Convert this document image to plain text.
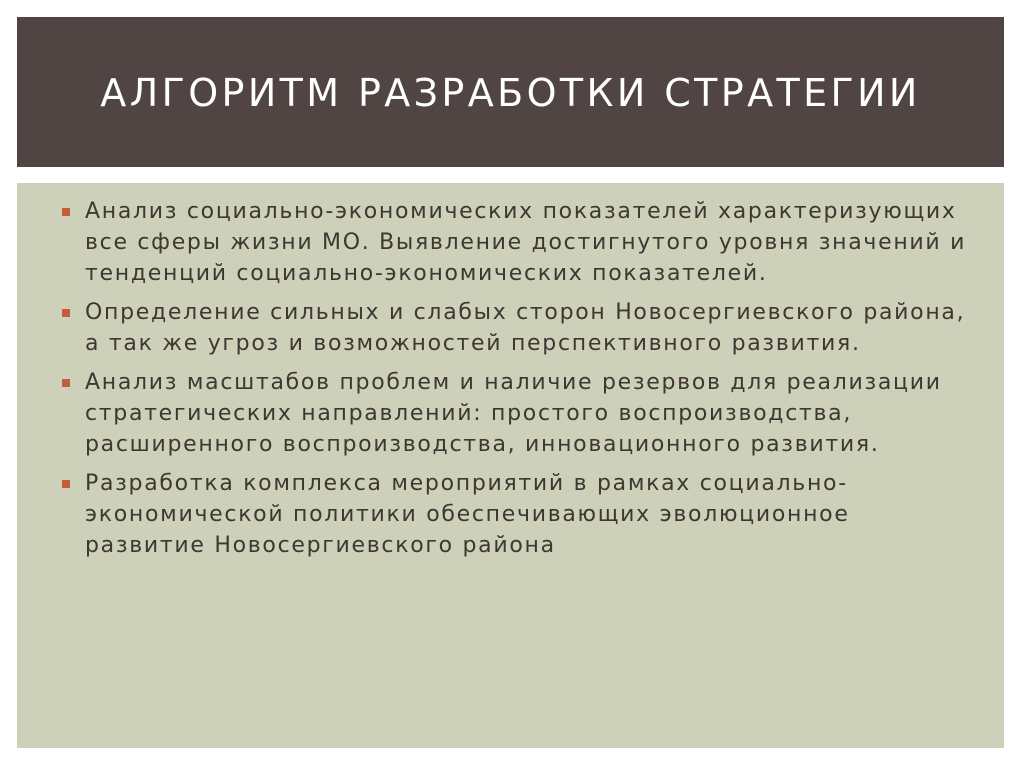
АЛГОРИТМ РАЗРАБОТКИ СТРАТЕГИИ
Анализ социально-экономических показателей характеризующих все сферы жизни МО. Выявление достигнутого уровня значений и тенденций социально-экономических показателей.
Определение сильных и слабых сторон Новосергиевского района, а так же угроз и возможностей перспективного развития.
Анализ масштабов проблем и наличие резервов для реализации стратегических направлений: простого воспроизводства, расширенного воспроизводства, инновационного развития.
Разработка комплекса мероприятий в рамках социально-экономической политики обеспечивающих эволюционное развитие Новосергиевского района
